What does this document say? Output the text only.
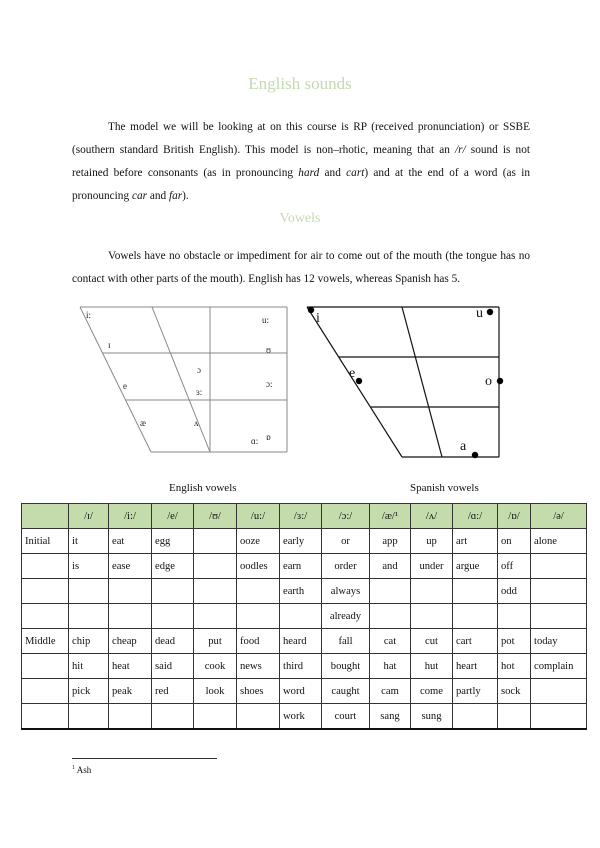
English sounds
The model we will be looking at on this course is RP (received pronunciation) or SSBE (southern standard British English). This model is non–rhotic, meaning that an /r/ sound is not retained before consonants (as in pronouncing hard and cart) and at the end of a word (as in pronouncing car and far).
Vowels
Vowels have no obstacle or impediment for air to come out of the mouth (the tongue has no contact with other parts of the mouth). English has 12 vowels, whereas Spanish has 5.
i:
ɪ
e
æ	ʌ
ɔ
ɜ:
u:
ʊ
ɔ:
ɑ: ɒ
i	u
e
o
a
English vowels	Spanish vowels
	/ɪ/	/i:/	/e/	/ʊ/	/u:/	/ɜ:/	/ɔ:/	/æ/¹	/ʌ/	/ɑ:/	/ɒ/	/ə/
Initial	it	eat	egg		ooze	early	or	app	up	art	on	alone
	is	ease	edge		oodles	earn	order	and	under	argue	off	
						earth	always				odd	
							already					
Middle	chip	cheap	dead	put	food	heard	fall	cat	cut	cart	pot	today
	hit	heat	said	cook	news	third	bought	hat	hut	heart	hot	complain
	pick	peak	red	look	shoes	word	caught	cam	come	partly	sock	
						work	court	sang	sung			
$^1$ Ash
